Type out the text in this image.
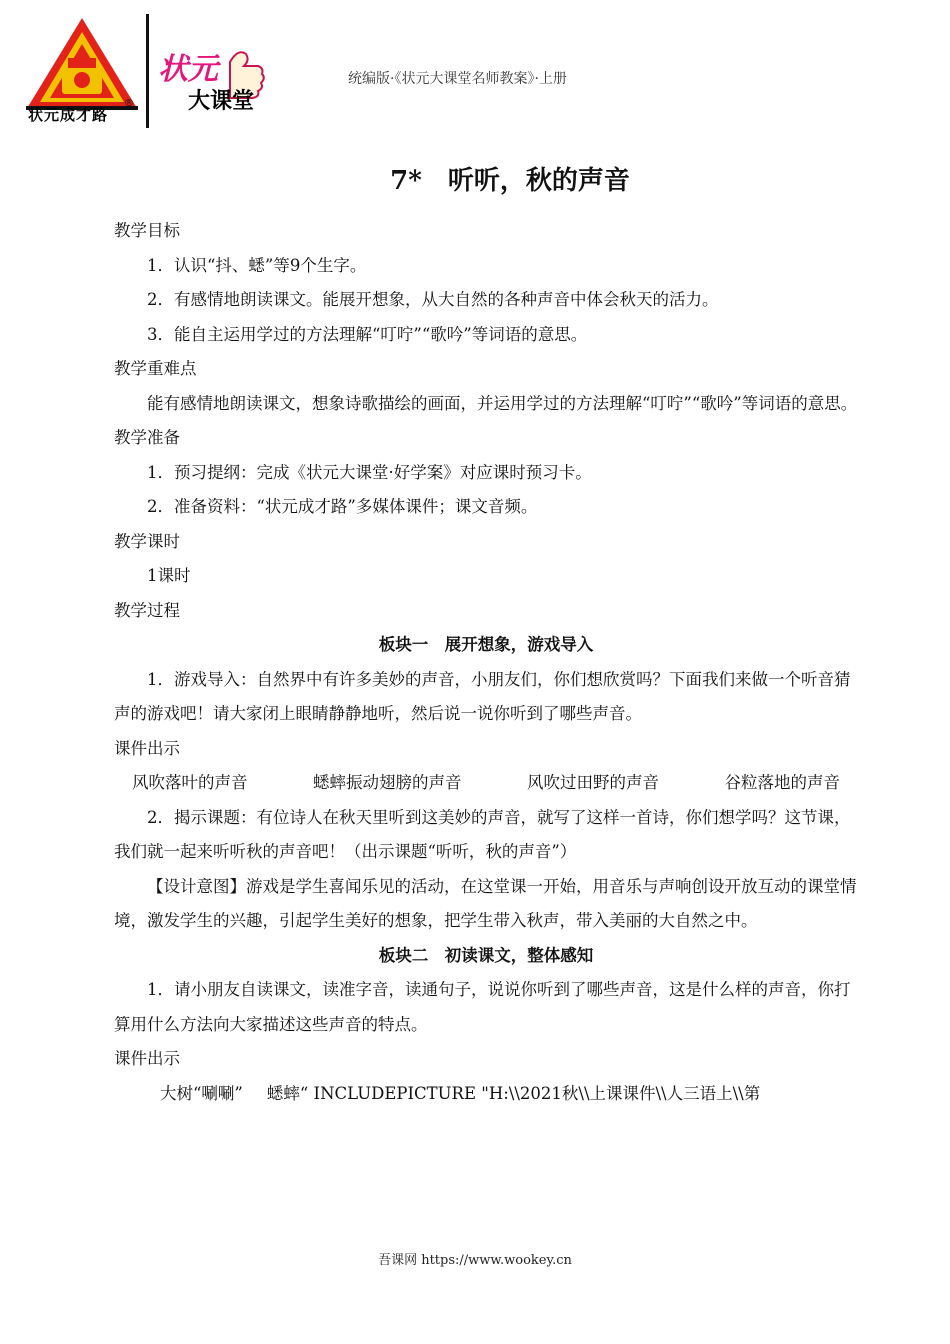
状元成才路
®
状元
大课堂
统编版·《状元大课堂名师教案》·上册
7*　听听，秋的声音

教学目标

1．认识“抖、蟋”等9个生字。

2．有感情地朗读课文。能展开想象，从大自然的各种声音中体会秋天的活力。

3．能自主运用学过的方法理解“叮咛”“歌吟”等词语的意思。

教学重难点

能有感情地朗读课文，想象诗歌描绘的画面，并运用学过的方法理解“叮咛”“歌吟”等词语的意思。

教学准备

1．预习提纲：完成《状元大课堂·好学案》对应课时预习卡。

2．准备资料：“状元成才路”多媒体课件；课文音频。

教学课时

1课时

教学过程

板块一　展开想象，游戏导入

1．游戏导入：自然界中有许多美妙的声音，小朋友们，你们想欣赏吗？下面我们来做一个听音猜声的游戏吧！请大家闭上眼睛静静地听，然后说一说你听到了哪些声音。

课件出示

风吹落叶的声音	蟋蟀振动翅膀的声音	风吹过田野的声音	谷粒落地的声音

2．揭示课题：有位诗人在秋天里听到这美妙的声音，就写了这样一首诗，你们想学吗？这节课，我们就一起来听听秋的声音吧！（出示课题“听听，秋的声音”）

【设计意图】游戏是学生喜闻乐见的活动，在这堂课一开始，用音乐与声响创设开放互动的课堂情境，激发学生的兴趣，引起学生美好的想象，把学生带入秋声，带入美丽的大自然之中。

板块二　初读课文，整体感知

1．请小朋友自读课文，读准字音，读通句子，说说你听到了哪些声音，这是什么样的声音，你打算用什么方法向大家描述这些声音的特点。

课件出示

大树“唰唰” 蟋蟀“ INCLUDEPICTURE "H:\\2021秋\\上课课件\\人三语上\\第

吾课网 https://www.wookey.cn
